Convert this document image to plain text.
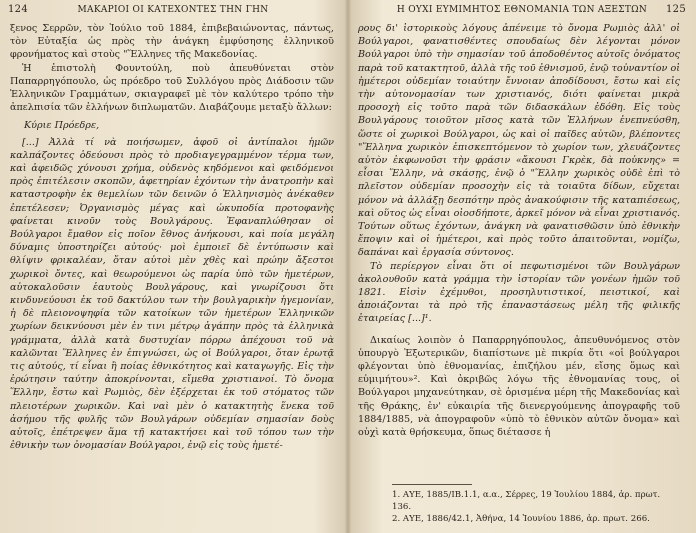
124	ΜΑΚΑΡΙΟΙ ΟΙ ΚΑΤΕΧΟΝΤΕΣ ΤΗΝ ΓΗΝ

ξενος Σερρῶν, τὸν Ἰούλιο τοῦ 1884, ἐπιβεβαιώνοντας, πάντως, τὸν Εὐταξία ὡς πρὸς τὴν ἀνάγκη ἐμφύσησης ἑλληνικοῦ φρονήματος καὶ στοὺς "Ἕλληνες τῆς Μακεδονίας.

Ἡ ἐπιστολὴ Φουντούλη, ποὺ ἀπευθύνεται στὸν Παπαρρηγόπουλο, ὡς πρόεδρο τοῦ Συλλόγου πρὸς Διάδοσιν τῶν Ἑλληνικῶν Γραμμάτων, σκιαγραφεῖ μὲ τὸν καλύτερο τρόπο τὴν ἀπελπισία τῶν ἑλλήνων διπλωματῶν. Διαβάζουμε μεταξὺ ἄλλων:

Κύριε Πρόεδρε,

[...] Ἀλλὰ τί νὰ ποιήσωμεν, ἀφοῦ οἱ ἀντίπαλοι ἡμῶν καλπάζοντες ὁδεύουσι πρὸς τὸ προδιαγεγραμμένον τέρμα των, καὶ ἀφειδῶς χύνουσι χρήμα, οὐδενὸς κηδόμενοι καὶ φειδόμενοι πρὸς ἐπιτέλεσιν σκοπῶν, ἀφετηρίαν ἐχόντων τὴν ἀνατροπὴν καὶ καταστροφὴν ἐκ θεμελίων τῶν δεινῶν ὁ Ἑλληνισμὸς ἀνέκαθεν ἐπετέλεσεν; Ὀργανισμὸς μέγας καὶ ὠκυποδία προτοφανὴς φαίνεται κινοῦν τοὺς Βουλγάρους. Ἐφαναπλώθησαν οἱ Βούλγαροι ἔμαθον εἰς ποῖον ἔθνος ἀνήκουσι, καὶ ποία μεγάλη δύναμις ὑποστηρίζει αὐτούς· μοὶ ἐμποιεῖ δὲ ἐντύπωσιν καὶ θλίψιν φρικαλέαν, ὅταν αὐτοὶ μὲν χθὲς καὶ πρώην ἄξεστοι χωρικοὶ ὄντες, καὶ θεωρούμενοι ὡς παρία ὑπὸ τῶν ἡμετέρων, αὐτοκαλοῦσιν ἑαυτοὺς Βουλγάρους, καὶ γνωρίζουσι ὅτι κινδυνεύουσι ἐκ τοῦ δακτύλου των τὴν βουλγαρικὴν ἡγεμονίαν, ἡ δὲ πλειονοψηφία τῶν κατοίκων τῶν ἡμετέρων Ἑλληνικῶν χωρίων δεικνύουσι μὲν ἐν τινι μέτρῳ ἀγάπην πρὸς τὰ ἑλληνικὰ γράμματα, ἀλλὰ κατὰ δυστυχίαν πόρρω ἀπέχουσι τοῦ νὰ καλῶνται Ἕλληνες ἐν ἐπιγνώσει, ὡς οἱ Βούλγαροι, ὅταν ἐρωτᾷ τις αὐτούς, τί εἶναι ἢ ποίας ἐθνικότητος καὶ καταγωγῆς. Εἰς τὴν ἐρώτησιν ταύτην ἀποκρίνονται, εἴμεθα χριστιανοί. Τὸ ὄνομα Ἕλλην, ἔστω καὶ Ρωμιὸς, δὲν ἐξέρχεται ἐκ τοῦ στόματος τῶν πλειοτέρων χωρικῶν. Καὶ ναὶ μὲν ὁ κατακτητὴς ἕνεκα τοῦ ἀσήμου τῆς φυλῆς τῶν Βουλγάρων οὐδεμίαν σημασίαν δοὺς αὐτοῖς, ἐπέτρεψεν ἅμα τῇ κατακτήσει καὶ τοῦ τόπου των τὴν ἐθνικὴν των ὀνομασίαν Βούλγαροι, ἐνῷ εἰς τοὺς ἡμετέ-

Η ΟΥΧΙ ΕΥΜΙΜΗΤΟΣ ΕΘΝΟΜΑΝΙΑ ΤΩΝ ΑΞΕΣΤΩΝ	125

ρους δι' ἱστορικοὺς λόγους ἀπένειμε τὸ ὄνομα Ρωμιὸς ἀλλ' οἱ Βούλγαροι, φανατισθέντες σπουδαίως δὲν λέγονται μόνον Βούλγαροι ὑπὸ τὴν σημασίαν τοῦ ἀποδοθέντος αὐτοῖς ὀνόματος παρὰ τοῦ κατακτητοῦ, ἀλλὰ τῆς τοῦ ἐθνισμοῦ, ἐνῷ τοὐναντίον οἱ ἡμέτεροι οὐδεμίαν τοιαύτην ἔννοιαν ἀποδίδουσι, ἔστω καὶ εἰς τὴν αὐτονομασίαν των χριστιανός, διότι φαίνεται μικρὰ προσοχὴ εἰς τοῦτο παρὰ τῶν διδασκάλων ἐδόθη. Εἰς τοὺς Βουλγάρους τοιοῦτον μῖσος κατὰ τῶν Ἑλλήνων ἐνεπνεύσθη, ὥστε οἱ χωρικοὶ Βούλγαροι, ὡς καὶ οἱ παῖδες αὐτῶν, βλέποντες "Ἕλληνα χωρικὸν ἐπισκεπτόμενον τὸ χωρίον των, χλευάζοντες αὐτὸν ἐκφωνοῦσι τὴν φράσιν «ἄκουσι Γκρὲκ, δὰ ποὐκνης» = εἶσαι Ἕλλην, νὰ σκάσῃς, ἐνῷ ὁ "Ἕλλην χωρικὸς οὐδὲ ἐπὶ τὸ πλεῖστον οὐδεμίαν προσοχὴν εἰς τὰ τοιαῦτα δίδων, εὔχεται μόνον νὰ ἀλλάξῃ δεσπότην πρὸς ἀνακούφισιν τῆς καταπιέσεως, καὶ οὕτος ὡς εἶναι οἰοσδήποτε, ἀρκεῖ μόνον νὰ εἶναι χριστιανός. Τούτων οὕτως ἐχόντων, ἀνάγκη νὰ φανατισθῶσιν ὑπὸ ἐθνικὴν ἔποψιν καὶ οἱ ἡμέτεροι, καὶ πρὸς τοῦτο ἀπαιτοῦνται, νομίζω, δαπάναι καὶ ἐργασία σύντονος.

Τὸ περίεργον εἶναι ὅτι οἱ πεφωτισμένοι τῶν Βουλγάρων ἀκολουθοῦν κατὰ γράμμα τὴν ἱστορίαν τῶν γονέων ἡμῶν τοῦ 1821. Εἰσὶν ἐχέμυθοι, προσηλυτιστικοί, πειστικοί, καὶ ἀποιάζονται τὰ πρὸ τῆς ἐπαναστάσεως μέλη τῆς φιλικῆς ἑταιρείας [...]¹.

Δικαίως λοιπὸν ὁ Παπαρρηγόπουλος, ἀπευθυνόμενος στὸν ὑπουργὸ Ἐξωτερικῶν, διαπίστωνε μὲ πικρία ὅτι «οἱ βούλγαροι φλέγονται ὑπὸ ἐθνομανίας, ἐπιζήλου μέν, εἴσης ὅμως καὶ εὐμιμήτου»². Καὶ ὀκριβῶς λόγω τῆς ἐθνομανίας τους, οἱ Βούλγαροι μηχανεύτηκαν, σὲ ὁρισμένα μέρη τῆς Μακεδονίας καὶ τῆς Θράκης, ἐν' εὐκαιρία τῆς διενεργούμενης ἀπογραφῆς τοῦ 1884/1885, νὰ ἀπογραφοῦν «ὑπὸ τὸ ἐθνικὸν αὐτῶν ὄνομα» καὶ οὐχὶ κατὰ θρήσκευμα, ὅπως διέτασσε ἡ

1. ΑΥΕ, 1885/ΙΒ.1.1, α.α., Σέρρες, 19 Ἰουλίου 1884, ἀρ. πρωτ. 136.
2. ΑΥΕ, 1886/42.1, Ἀθήνα, 14 Ἰουνίου 1886, ἀρ. πρωτ. 266.
